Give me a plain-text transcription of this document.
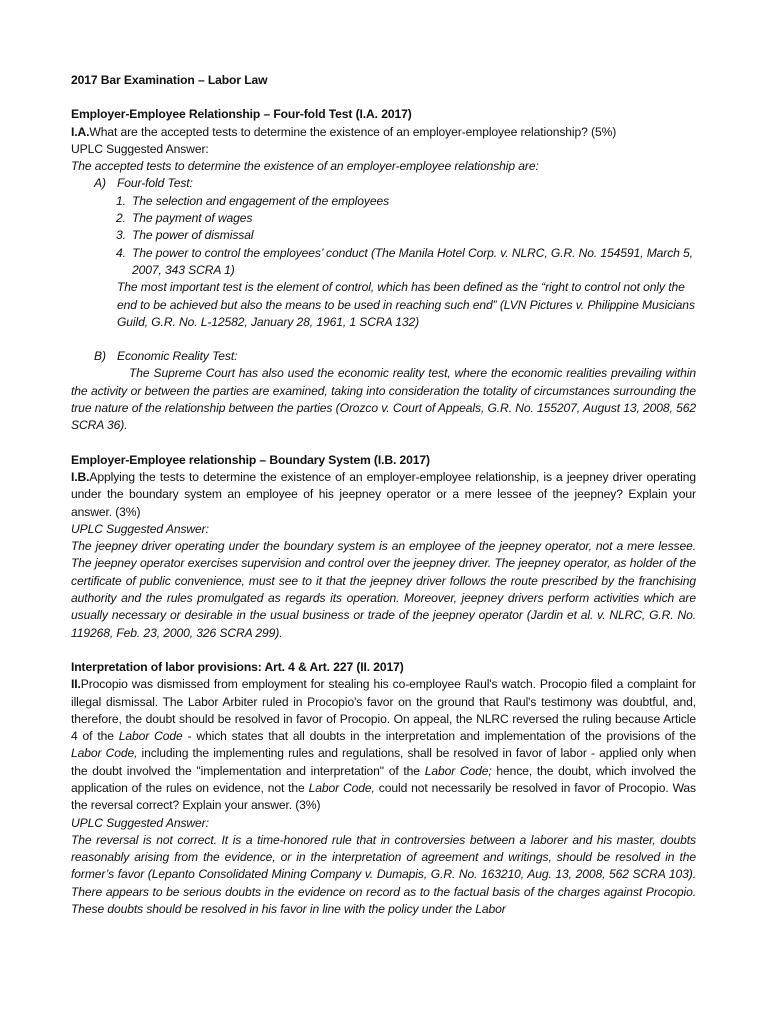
2017 Bar Examination – Labor Law

Employer-Employee Relationship – Four-fold Test (I.A. 2017)

I.A.What are the accepted tests to determine the existence of an employer-employee relationship? (5%)

UPLC Suggested Answer:

The accepted tests to determine the existence of an employer-employee relationship are:

A) Four-fold Test:
1. The selection and engagement of the employees
2. The payment of wages
3. The power of dismissal
4. The power to control the employees’ conduct (The Manila Hotel Corp. v. NLRC, G.R. No. 154591, March 5, 2007, 343 SCRA 1)
The most important test is the element of control, which has been defined as the “right to control not only the end to be achieved but also the means to be used in reaching such end” (LVN Pictures v. Philippine Musicians Guild, G.R. No. L-12582, January 28, 1961, 1 SCRA 132)
B) Economic Reality Test:

The Supreme Court has also used the economic reality test, where the economic realities prevailing within the activity or between the parties are examined, taking into consideration the totality of circumstances surrounding the true nature of the relationship between the parties (Orozco v. Court of Appeals, G.R. No. 155207, August 13, 2008, 562 SCRA 36).

Employer-Employee relationship – Boundary System (I.B. 2017)

I.B.Applying the tests to determine the existence of an employer-employee relationship, is a jeepney driver operating under the boundary system an employee of his jeepney operator or a mere lessee of the jeepney? Explain your answer. (3%)

UPLC Suggested Answer:

The jeepney driver operating under the boundary system is an employee of the jeepney operator, not a mere lessee. The jeepney operator exercises supervision and control over the jeepney driver. The jeepney operator, as holder of the certificate of public convenience, must see to it that the jeepney driver follows the route prescribed by the franchising authority and the rules promulgated as regards its operation. Moreover, jeepney drivers perform activities which are usually necessary or desirable in the usual business or trade of the jeepney operator (Jardin et al. v. NLRC, G.R. No. 119268, Feb. 23, 2000, 326 SCRA 299).

Interpretation of labor provisions: Art. 4 & Art. 227 (II. 2017)

II.Procopio was dismissed from employment for stealing his co-employee Raul's watch. Procopio filed a complaint for illegal dismissal. The Labor Arbiter ruled in Procopio's favor on the ground that Raul's testimony was doubtful, and, therefore, the doubt should be resolved in favor of Procopio. On appeal, the NLRC reversed the ruling because Article 4 of the Labor Code - which states that all doubts in the interpretation and implementation of the provisions of the Labor Code, including the implementing rules and regulations, shall be resolved in favor of labor - applied only when the doubt involved the "implementation and interpretation" of the Labor Code; hence, the doubt, which involved the application of the rules on evidence, not the Labor Code, could not necessarily be resolved in favor of Procopio. Was the reversal correct? Explain your answer. (3%)

UPLC Suggested Answer:

The reversal is not correct. It is a time-honored rule that in controversies between a laborer and his master, doubts reasonably arising from the evidence, or in the interpretation of agreement and writings, should be resolved in the former’s favor (Lepanto Consolidated Mining Company v. Dumapis, G.R. No. 163210, Aug. 13, 2008, 562 SCRA 103). There appears to be serious doubts in the evidence on record as to the factual basis of the charges against Procopio. These doubts should be resolved in his favor in line with the policy under the Labor
